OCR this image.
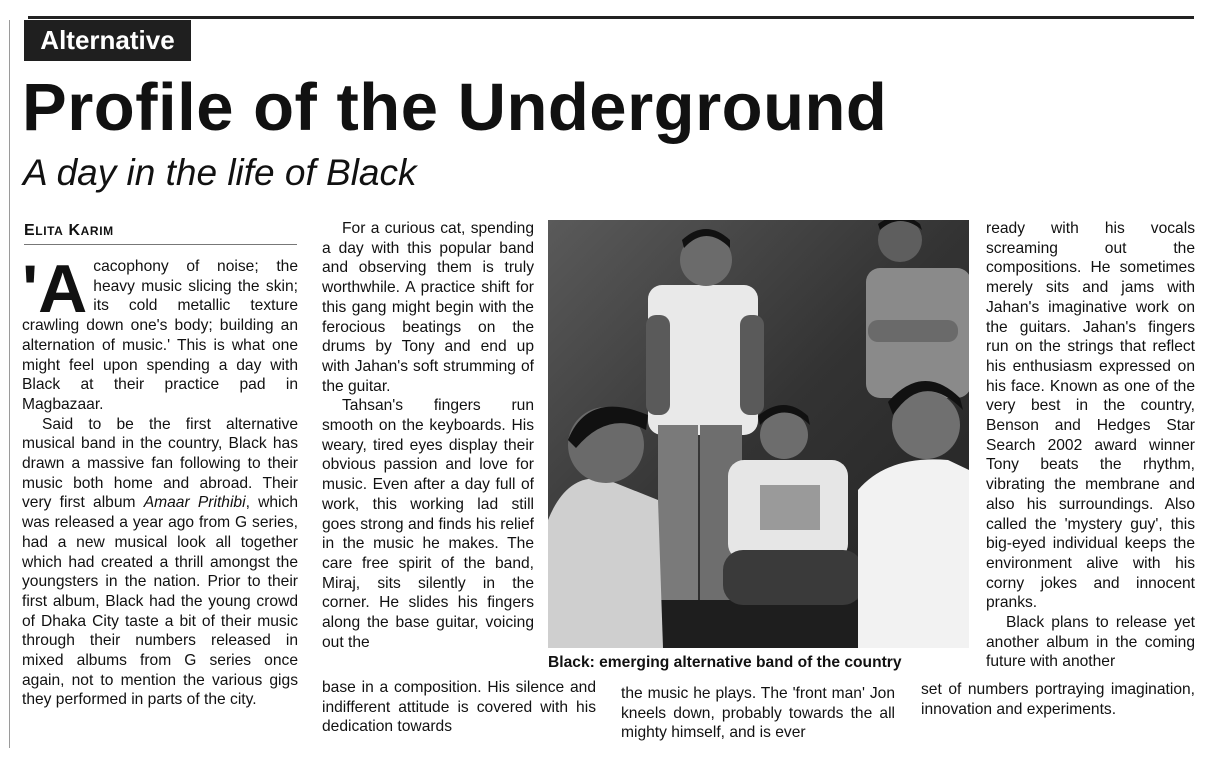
Alternative
Profile of the Underground
A day in the life of Black
ELITA KARIM

'Acacophony of noise; the heavy music slicing the skin; its cold metallic texture crawling down one's body; building an alternation of music.' This is what one might feel upon spending a day with Black at their practice pad in Magbazaar.

Said to be the first alternative musical band in the country, Black has drawn a massive fan following to their music both home and abroad. Their very first album Amaar Prithibi, which was released a year ago from G series, had a new musical look all together which had created a thrill amongst the youngsters in the nation. Prior to their first album, Black had the young crowd of Dhaka City taste a bit of their music through their numbers released in mixed albums from G series once again, not to mention the various gigs they performed in parts of the city.

For a curious cat, spending a day with this popular band and observing them is truly worthwhile. A practice shift for this gang might begin with the ferocious beatings on the drums by Tony and end up with Jahan's soft strumming of the guitar.

Tahsan's fingers run smooth on the keyboards. His weary, tired eyes display their obvious passion and love for music. Even after a day full of work, this working lad still goes strong and finds his relief in the music he makes. The care free spirit of the band, Miraj, sits silently in the corner. He slides his fingers along the base guitar, voicing out the

base in a composition. His silence and indifferent attitude is covered with his dedication towards
Black: emerging alternative band of the country
the music he plays. The 'front man' Jon kneels down, probably towards the all mighty himself, and is ever

ready with his vocals screaming out the compositions. He sometimes merely sits and jams with Jahan's imaginative work on the guitars. Jahan's fingers run on the strings that reflect his enthusiasm expressed on his face. Known as one of the very best in the country, Benson and Hedges Star Search 2002 award winner Tony beats the rhythm, vibrating the membrane and also his surroundings. Also called the 'mystery guy', this big-eyed individual keeps the environment alive with his corny jokes and innocent pranks.

Black plans to release yet another album in the coming future with another

set of numbers portraying imagination, innovation and experiments.
